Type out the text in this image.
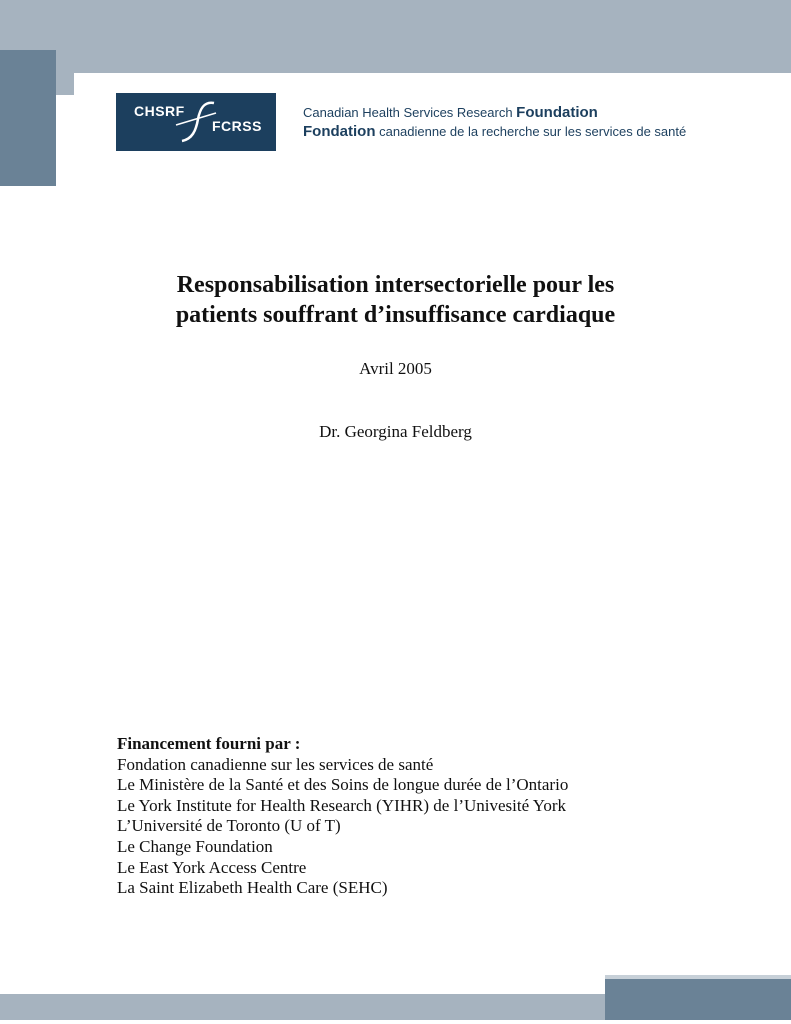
CHSRF
FCRSS
Canadian Health Services Research Foundation
Fondation canadienne de la recherche sur les services de santé
Responsabilisation intersectorielle pour les
patients souffrant d’insuffisance cardiaque
Avril 2005
Dr. Georgina Feldberg
Financement fourni par :
Fondation canadienne sur les services de santé
Le Ministère de la Santé et des Soins de longue durée de l’Ontario
Le York Institute for Health Research (YIHR) de l’Univesité York
L’Université de Toronto (U of T)
Le Change Foundation
Le East York Access Centre
La Saint Elizabeth Health Care (SEHC)
